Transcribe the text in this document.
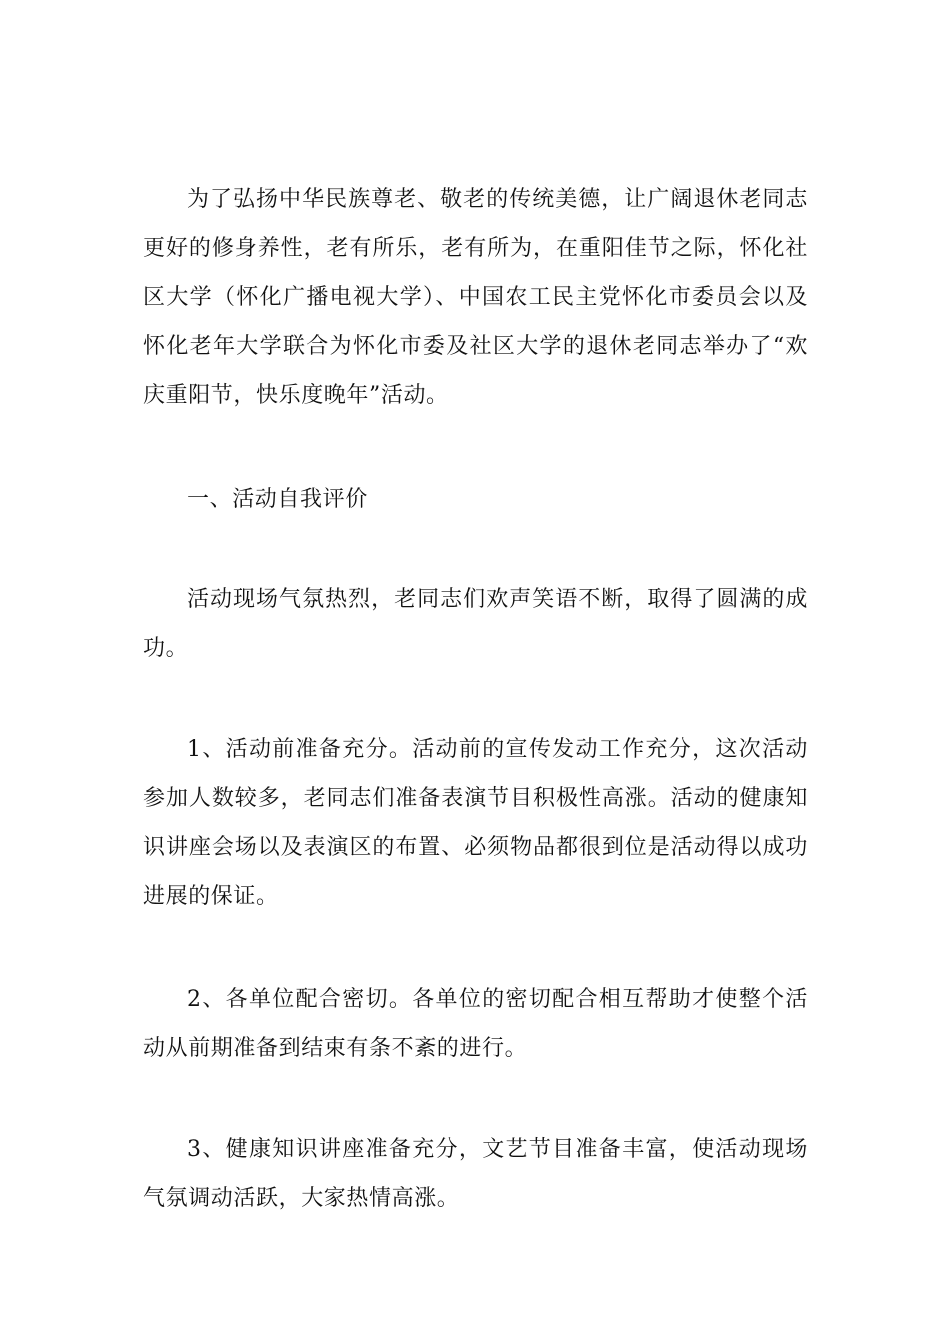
为了弘扬中华民族尊老、敬老的传统美德，让广阔退休老同志更好的修身养性，老有所乐，老有所为，在重阳佳节之际，怀化社区大学（怀化广播电视大学）、中国农工民主党怀化市委员会以及怀化老年大学联合为怀化市委及社区大学的退休老同志举办了“欢庆重阳节，快乐度晚年”活动。

一、活动自我评价

活动现场气氛热烈，老同志们欢声笑语不断，取得了圆满的成功。

1、活动前准备充分。活动前的宣传发动工作充分，这次活动参加人数较多，老同志们准备表演节目积极性高涨。活动的健康知识讲座会场以及表演区的布置、必须物品都很到位是活动得以成功进展的保证。

2、各单位配合密切。各单位的密切配合相互帮助才使整个活动从前期准备到结束有条不紊的进行。

3、健康知识讲座准备充分，文艺节目准备丰富，使活动现场气氛调动活跃，大家热情高涨。
